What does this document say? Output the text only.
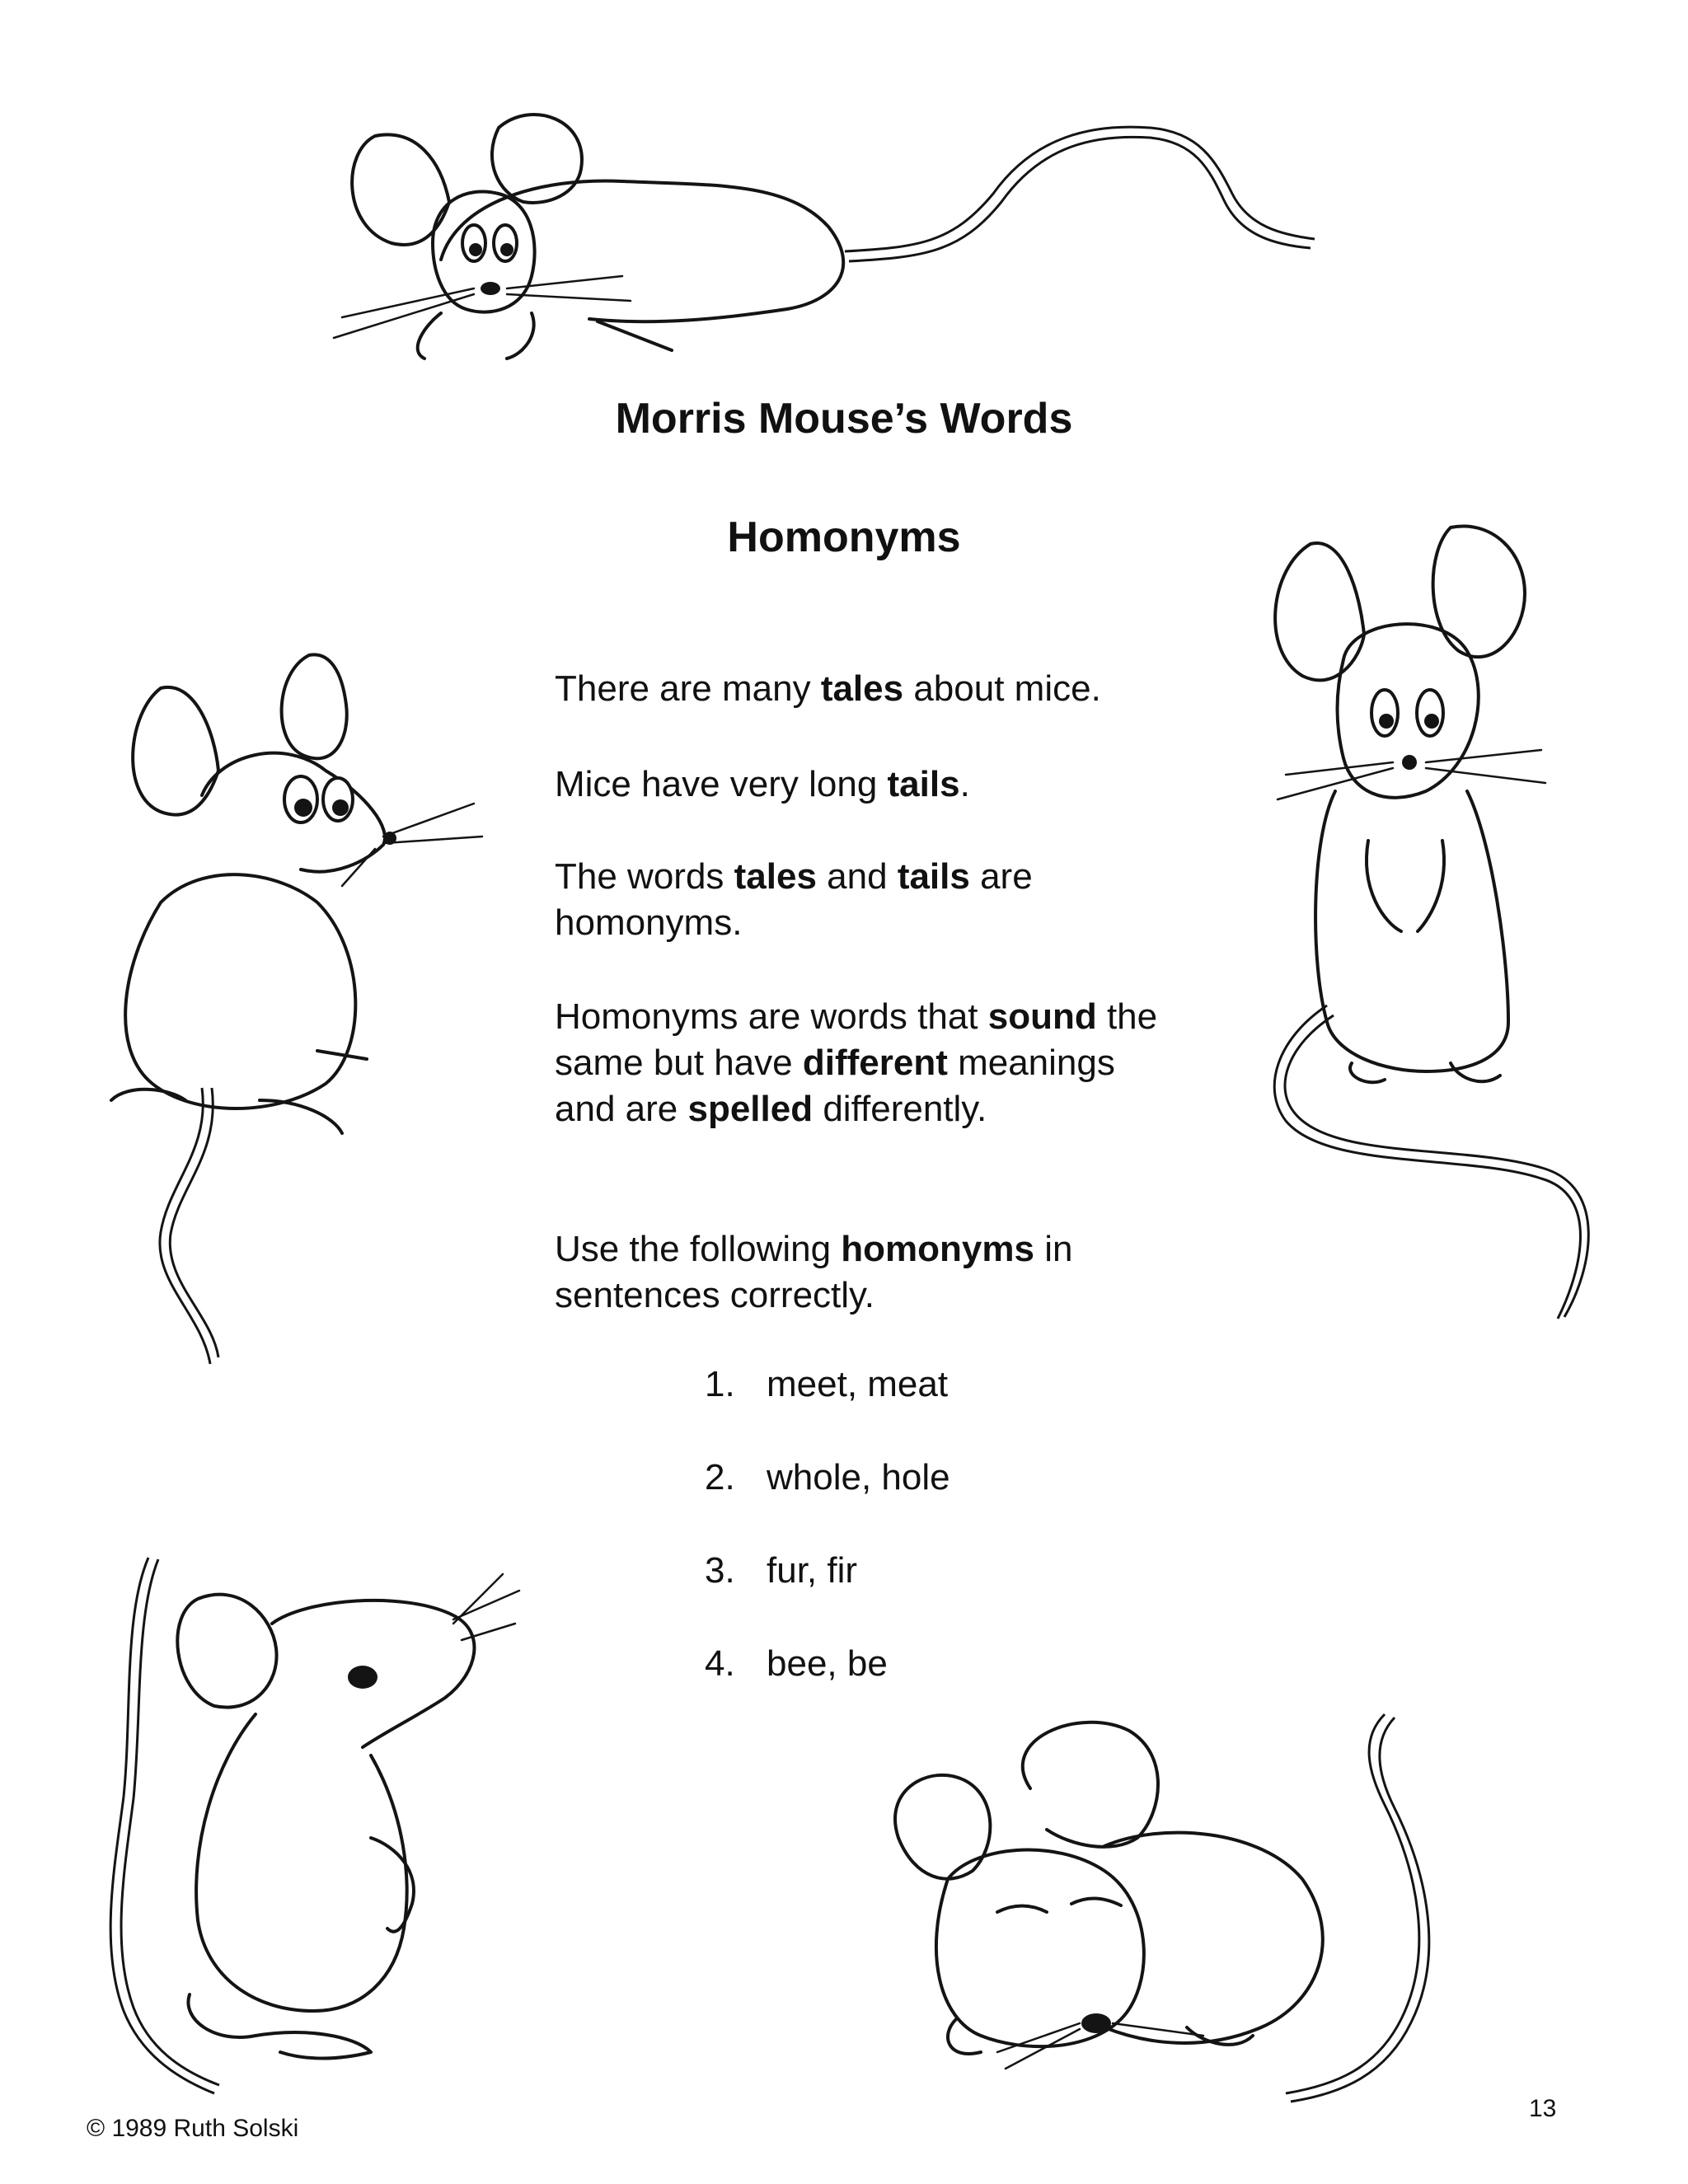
Morris Mouse’s Words
Homonyms

There are many tales about mice.

Mice have very long tails.

The words tales and tails are homonyms.

Homonyms are words that sound the same but have different meanings and are spelled differently.

Use the following homonyms in sentences correctly.

1. meet, meat
2. whole, hole
3. fur, fir
4. bee, be
© 1989 Ruth Solski
13
